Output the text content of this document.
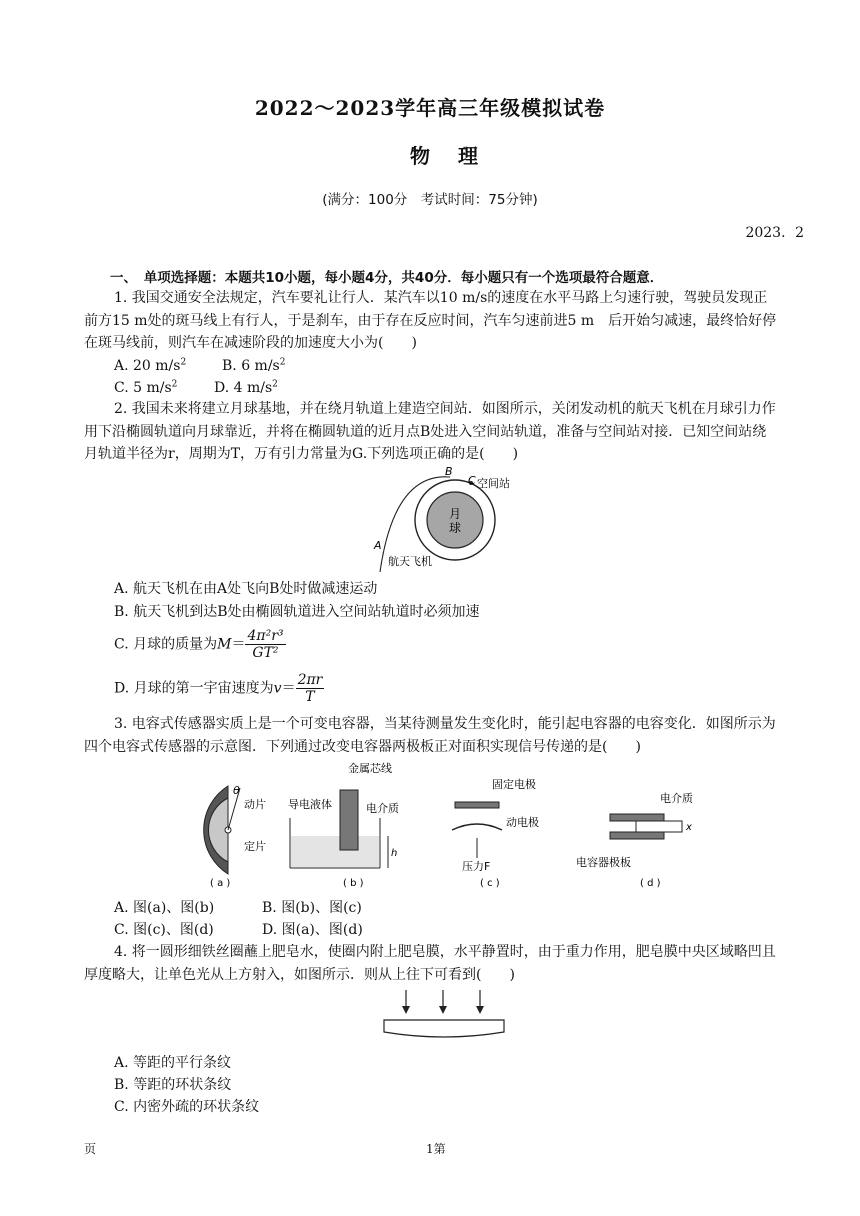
2022～2023学年高三年级模拟试卷
物理
(满分：100分　考试时间：75分钟)
2023．2
一、　单项选择题：本题共10小题，每小题4分，共40分．每小题只有一个选项最符合题意．
1. 我国交通安全法规定，汽车要礼让行人．某汽车以10 m/s的速度在水平马路上匀速行驶，驾驶员发现正前方15 m处的斑马线上有行人，于是刹车，由于存在反应时间，汽车匀速前进5 m　后开始匀减速，最终恰好停在斑马线前，则汽车在减速阶段的加速度大小为(　　)
A. 20 $m/s^2$	B. 6 $m/s^2$
C. 5 $m/s^2$	D. 4 $m/s^2$
2. 我国未来将建立月球基地，并在绕月轨道上建造空间站．如图所示，关闭发动机的航天飞机在月球引力作用下沿椭圆轨道向月球靠近，并将在椭圆轨道的近月点B处进入空间站轨道，准备与空间站对接．已知空间站绕月轨道半径为r，周期为T，万有引力常量为G.下列选项正确的是(　　)
B
C 空间站
月
球
A
航天飞机
A. 航天飞机在由A处飞向B处时做减速运动
B. 航天飞机到达B处由椭圆轨道进入空间站轨道时必须加速
C. 月球的质量为$M= \frac{\text{4π²r³}}{\text{GT²}}$
D. 月球的第一宇宙速度为$v= \frac{2\pi r}{T}$
3. 电容式传感器实质上是一个可变电容器，当某待测量发生变化时，能引起电容器的电容变化．如图所示为四个电容式传感器的示意图．下列通过改变电容器两极板正对面积实现信号传递的是(　　)
θ
动片
定片
( a )
金属芯线
导电液体	电介质
h
( b )
固定电极
动电极
压力F
( c )
电介质
x
电容器极板
( d )
A. 图(a)、图(b)	B. 图(b)、图(c)
C. 图(c)、图(d)	D. 图(a)、图(d)
4. 将一圆形细铁丝圈蘸上肥皂水，使圈内附上肥皂膜，水平静置时，由于重力作用，肥皂膜中央区域略凹且厚度略大，让单色光从上方射入，如图所示．则从上往下可看到(　　)
A. 等距的平行条纹
B. 等距的环状条纹
C. 内密外疏的环状条纹
页	1第
